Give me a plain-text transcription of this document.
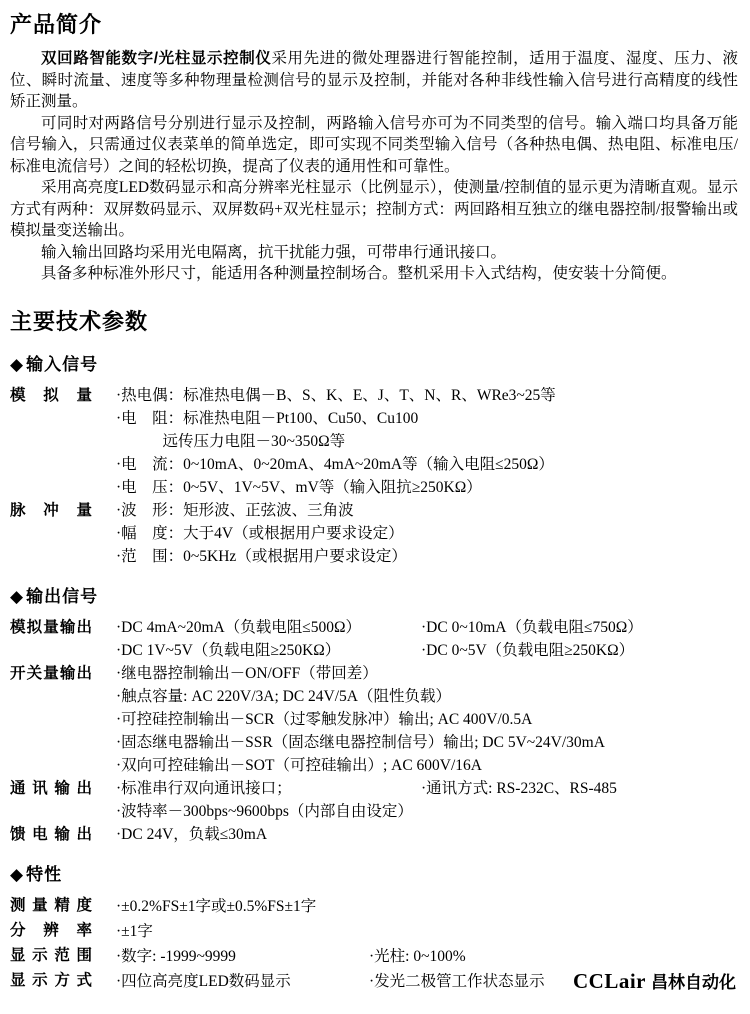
产品简介

双回路智能数字/光柱显示控制仪采用先进的微处理器进行智能控制，适用于温度、湿度、压力、液位、瞬时流量、速度等多种物理量检测信号的显示及控制，并能对各种非线性输入信号进行高精度的线性矫正测量。

可同时对两路信号分别进行显示及控制，两路输入信号亦可为不同类型的信号。输入端口均具备万能信号输入，只需通过仪表菜单的简单选定，即可实现不同类型输入信号（各种热电偶、热电阻、标准电压/标准电流信号）之间的轻松切换，提高了仪表的通用性和可靠性。

采用高亮度LED数码显示和高分辨率光柱显示（比例显示），使测量/控制值的显示更为清晰直观。显示方式有两种：双屏数码显示、双屏数码+双光柱显示；控制方式：两回路相互独立的继电器控制/报警输出或模拟量变送输出。

输入输出回路均采用光电隔离，抗干扰能力强，可带串行通讯接口。

具备多种标准外形尺寸，能适用各种测量控制场合。整机采用卡入式结构，使安装十分简便。

主要技术参数
◆ 输入信号
模拟量 ·热电偶：标准热电偶－B、S、K、E、J、T、N、R、WRe3~25等
·电　阻：标准热电阻－Pt100、Cu50、Cu100
　　　远传压力电阻－30~350Ω等
·电　流：0~10mA、0~20mA、4mA~20mA等（输入电阻≤250Ω）
·电　压：0~5V、1V~5V、mV等（输入阻抗≥250KΩ）
脉冲量 ·波　形：矩形波、正弦波、三角波
·幅　度：大于4V（或根据用户要求设定）
·范　围：0~5KHz（或根据用户要求设定）
◆ 输出信号
模拟量输出 ·DC 4mA~20mA（负载电阻≤500Ω）	·DC 0~10mA（负载电阻≤750Ω）
·DC 1V~5V（负载电阻≥250KΩ）	·DC 0~5V（负载电阻≥250KΩ）
开关量输出 ·继电器控制输出－ON/OFF（带回差）
·触点容量: AC 220V/3A; DC 24V/5A（阻性负载）
·可控硅控制输出－SCR（过零触发脉冲）输出; AC 400V/0.5A
·固态继电器输出－SSR（固态继电器控制信号）输出; DC 5V~24V/30mA
·双向可控硅输出－SOT（可控硅输出）; AC 600V/16A
通讯输出 ·标准串行双向通讯接口；	·通讯方式: RS-232C、RS-485
·波特率－300bps~9600bps（内部自由设定）
馈电输出 ·DC 24V，负载≤30mA
◆ 特性
测量精度 ·±0.2%FS±1字或±0.5%FS±1字
分辨率 ·±1字
显示范围 ·数字: -1999~9999	·光柱: 0~100%
显示方式 ·四位高亮度LED数码显示	·发光二极管工作状态显示 CCLair 昌林自动化
